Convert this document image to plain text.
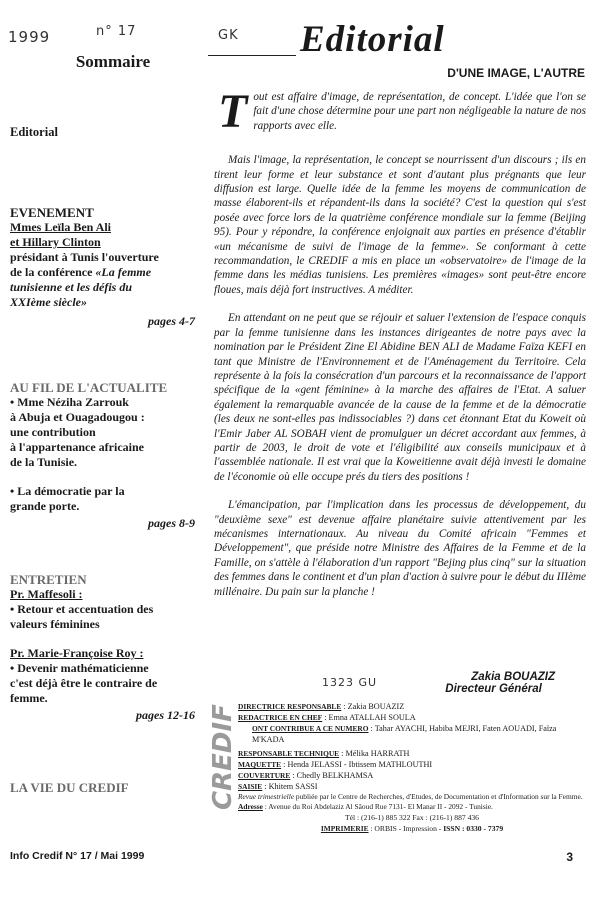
1999	n° 17	GK
1323 GU
Sommaire
Editorial
EVENEMENT
Mmes Leïla Ben Ali
et Hillary Clinton
présidant à Tunis l'ouverture
de la conférence «La femme
tunisienne et les défis du
XXIème siècle»
pages 4-7
AU FIL DE L'ACTUALITE
• Mme Néziha Zarrouk
à Abuja et Ouagadougou :
une contribution
à l'appartenance africaine
de la Tunisie.
• La démocratie par la
grande porte.
pages 8-9
ENTRETIEN
Pr. Maffesoli :
• Retour et accentuation des
valeurs féminines
Pr. Marie-Françoise Roy :
• Devenir mathématicienne
c'est déjà être le contraire de
femme.
pages 12-16
LA VIE DU CREDIF
Editorial
D'UNE IMAGE, L'AUTRE

Tout est affaire d'image, de représentation, de concept. L'idée que l'on se fait d'une chose détermine pour une part non négligeable la nature de nos rapports avec elle.

Mais l'image, la représentation, le concept se nourrissent d'un discours ; ils en tirent leur forme et leur substance et sont d'autant plus prégnants que leur diffusion est large. Quelle idée de la femme les moyens de communication de masse élaborent-ils et répandent-ils dans la société? C'est la question qui s'est posée avec force lors de la quatrième conférence mondiale sur la femme (Beijing 95). Pour y répondre, la conférence enjoignait aux parties en présence d'établir «un mécanisme de suivi de l'image de la femme». Se conformant à cette recommandation, le CREDIF a mis en place un «observatoire» de l'image de la femme dans les médias tunisiens. Les premières «images» sont peut-être encore floues, mais déjà fort instructives. A méditer.

En attendant on ne peut que se réjouir et saluer l'extension de l'espace conquis par la femme tunisienne dans les instances dirigeantes de notre pays avec la nomination par le Président Zine El Abidine BEN ALI de Madame Faïza KEFI en tant que Ministre de l'Environnement et de l'Aménagement du Territoire. Cela représente à la fois la consécration d'un parcours et la reconnaissance de l'apport spécifique de la «gent féminine» à la marche des affaires de l'Etat. A saluer également la remarquable avancée de la cause de la femme et de la démocratie (les deux ne sont-elles pas indissociables ?) dans cet étonnant Etat du Koweit où l'Emir Jaber AL SOBAH vient de promulguer un décret accordant aux femmes, à partir de 2003, le droit de vote et l'éligibilité aux conseils municipaux et à l'assemblée nationale. Il est vrai que la Koweitienne avait déjà investi le domaine de l'économie où elle occupe prés du tiers des positions !

L'émancipation, par l'implication dans les processus de développement, du "deuxième sexe" est devenue affaire planétaire suivie attentivement par les mécanismes internationaux. Au niveau du Comité africain "Femmes et Développement", que préside notre Ministre des Affaires de la Femme et de la Famille, on s'attèle à l'élaboration d'un rapport "Bejing plus cinq" sur la situation des femmes dans le continent et d'un plan d'action à suivre pour le début du IIIème millénaire. Du pain sur la planche !

Zakia BOUAZIZ
Directeur Général
CREDIF DIRECTRICE RESPONSABLE : Zakia BOUAZIZ
REDACTRICE EN CHEF : Emna ATALLAH SOULA
ONT CONTRIBUE A CE NUMERO : Tahar AYACHI, Habiba MEJRI, Faten AOUADI, Faïza M'KADA
RESPONSABLE TECHNIQUE : Mélika HARRATH
MAQUETTE : Henda JELASSI - Ibtissem MATHLOUTHI
COUVERTURE : Chedly BELKHAMSA
SAISIE : Khitem SASSI
Revue trimestrielle publiée par le Centre de Recherches, d'Etudes, de Documentation et d'Information sur la Femme. Adresse : Avenue du Roi Abdelaziz Al Sâoud Rue 7131- El Manar II - 2092 - Tunisie.
Tél : (216-1) 885 322 Fax : (216-1) 887 436
IMPRIMERIE : ORBIS - Impression - ISSN : 0330 - 7379
Info Credif N° 17 / Mai 1999	3
